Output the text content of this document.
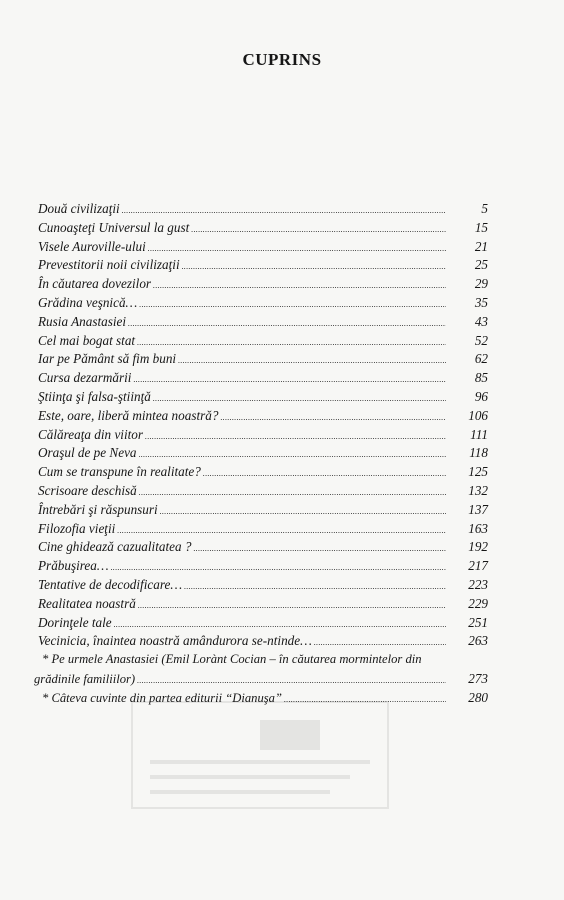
CUPRINS
Două civilizaţii .....	5
Cunoaşteţi Universul la gust .....	15
Visele Auroville-ului .....	21
Prevestitorii noii civilizaţii .....	25
În căutarea dovezilor .....	29
Grădina veşnică… .....	35
Rusia Anastasiei .....	43
Cel mai bogat stat .....	52
Iar pe Pământ să fim buni .....	62
Cursa dezarmării .....	85
Ştiinţa şi falsa-ştiinţă .....	96
Este, oare, liberă mintea noastră? .....	106
Călăreaţa din viitor .....	111
Oraşul de pe Neva .....	118
Cum se transpune în realitate? .....	125
Scrisoare deschisă .....	132
Întrebări şi răspunsuri .....	137
Filozofia vieţii .....	163
Cine ghidează cazualitatea ? .....	192
Prăbuşirea… .....	217
Tentative de decodificare… .....	223
Realitatea noastră .....	229
Dorinţele tale .....	251
Vecinicia, înaintea noastră amândurora se-ntinde… .....	263
* Pe urmele Anastasiei (Emil Lorànt Cocian – în căutarea mormintelor din
grădinile familiilor) .....	273
* Câteva cuvinte din partea editurii “Dianuşa” .....	280
